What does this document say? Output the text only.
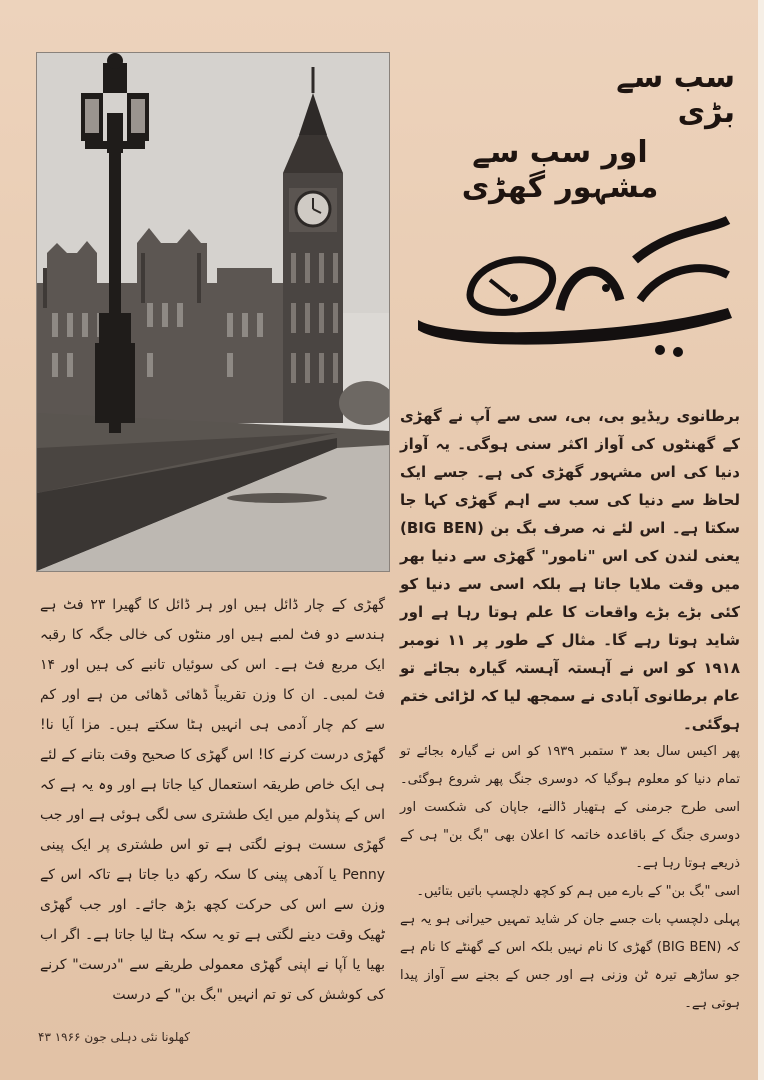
سب سے بڑی
اور سب سے مشہور گھڑی

برطانوی ریڈیو بی، بی، سی سے آپ نے گھڑی کے گھنٹوں کی آواز اکثر سنی ہوگی۔ یہ آواز دنیا کی اس مشہور گھڑی کی ہے۔ جسے ایک لحاظ سے دنیا کی سب سے اہم گھڑی کہا جا سکتا ہے۔ اس لئے نہ صرف بگ بن (BIG BEN) یعنی لندن کی اس "نامور" گھڑی سے دنیا بھر میں وقت ملایا جاتا ہے بلکہ اسی سے دنیا کو کئی بڑے بڑے واقعات کا علم ہوتا رہا ہے اور شاید ہوتا رہے گا۔ مثال کے طور پر ۱۱ نومبر ۱۹۱۸ کو اس نے آہستہ آہستہ گیارہ بجائے تو عام برطانوی آبادی نے سمجھ لیا کہ لڑائی ختم ہوگئی۔

پھر اکیس سال بعد ۳ ستمبر ۱۹۳۹ کو اس نے گیارہ بجائے تو تمام دنیا کو معلوم ہوگیا کہ دوسری جنگ پھر شروع ہوگئی۔ اسی طرح جرمنی کے ہتھیار ڈالنے، جاپان کی شکست اور دوسری جنگ کے باقاعدہ خاتمہ کا اعلان بھی "بگ بن" ہی کے ذریعے ہوتا رہا ہے۔

اسی "بگ بن" کے بارے میں ہم کو کچھ دلچسپ باتیں بتائیں۔

پہلی دلچسپ بات جسے جان کر شاید تمہیں حیرانی ہو یہ ہے کہ (BIG BEN) گھڑی کا نام نہیں بلکہ اس کے گھنٹے کا نام ہے جو ساڑھے تیرہ ٹن وزنی ہے اور جس کے بجنے سے آواز پیدا ہوتی ہے۔

گھڑی کے چار ڈائل ہیں اور ہر ڈائل کا گھیرا ۲۳ فٹ ہے ہندسے دو فٹ لمبے ہیں اور منٹوں کی خالی جگہ کا رقبہ ایک مربع فٹ ہے۔ اس کی سوئیاں تانبے کی ہیں اور ۱۴ فٹ لمبی۔ ان کا وزن تقریباً ڈھائی ڈھائی من ہے اور کم سے کم چار آدمی ہی انہیں ہٹا سکتے ہیں۔ مزا آیا نا! گھڑی درست کرنے کا! اس گھڑی کا صحیح وقت بتانے کے لئے ہی ایک خاص طریقہ استعمال کیا جاتا ہے اور وہ یہ ہے کہ اس کے پنڈولم میں ایک طشتری سی لگی ہوئی ہے اور جب گھڑی سست ہونے لگتی ہے تو اس طشتری پر ایک پینی Penny یا آدھی پینی کا سکہ رکھ دیا جاتا ہے تاکہ اس کے وزن سے اس کی حرکت کچھ بڑھ جائے۔ اور جب گھڑی ٹھیک وقت دینے لگتی ہے تو یہ سکہ ہٹا لیا جاتا ہے۔ اگر اب بھیا یا آپا نے اپنی گھڑی معمولی طریقے سے "درست" کرنے کی کوشش کی تو تم انہیں "بگ بن" کے درست

کھلونا نئی دہلی جون ۱۹۶۶ ۴۳
